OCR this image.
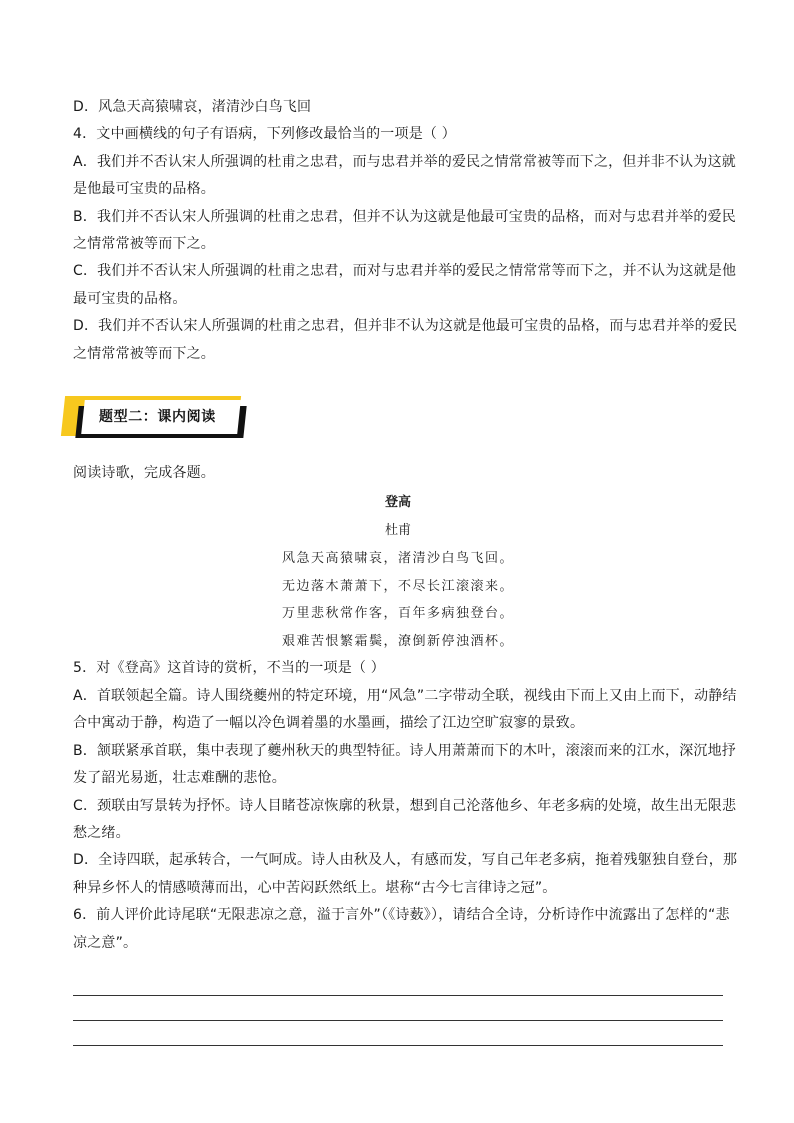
D．风急天高猿啸哀，渚清沙白鸟飞回
4．文中画横线的句子有语病，下列修改最恰当的一项是（ ）
A．我们并不否认宋人所强调的杜甫之忠君，而与忠君并举的爱民之情常常被等而下之，但并非不认为这就
是他最可宝贵的品格。
B．我们并不否认宋人所强调的杜甫之忠君，但并不认为这就是他最可宝贵的品格，而对与忠君并举的爱民
之情常常被等而下之。
C．我们并不否认宋人所强调的杜甫之忠君，而对与忠君并举的爱民之情常常等而下之，并不认为这就是他
最可宝贵的品格。
D．我们并不否认宋人所强调的杜甫之忠君，但并非不认为这就是他最可宝贵的品格，而与忠君并举的爱民
之情常常被等而下之。
题型二：课内阅读
阅读诗歌，完成各题。
登高
杜甫
风急天高猿啸哀，渚清沙白鸟飞回。
无边落木萧萧下，不尽长江滚滚来。
万里悲秋常作客，百年多病独登台。
艰难苦恨繁霜鬓，潦倒新停浊酒杯。
5．对《登高》这首诗的赏析，不当的一项是（ ）
A．首联领起全篇。诗人围绕夔州的特定环境，用“风急”二字带动全联，视线由下而上又由上而下，动静结
合中寓动于静，构造了一幅以冷色调着墨的水墨画，描绘了江边空旷寂寥的景致。
B．颔联紧承首联，集中表现了夔州秋天的典型特征。诗人用萧萧而下的木叶，滚滚而来的江水，深沉地抒
发了韶光易逝，壮志难酬的悲怆。
C．颈联由写景转为抒怀。诗人目睹苍凉恢廓的秋景，想到自己沦落他乡、年老多病的处境，故生出无限悲
愁之绪。
D．全诗四联，起承转合，一气呵成。诗人由秋及人，有感而发，写自己年老多病，拖着残躯独自登台，那
种异乡怀人的情感喷薄而出，心中苦闷跃然纸上。堪称“古今七言律诗之冠”。
6．前人评价此诗尾联“无限悲凉之意，溢于言外”（《诗薮》），请结合全诗，分析诗作中流露出了怎样的“悲
凉之意”。
